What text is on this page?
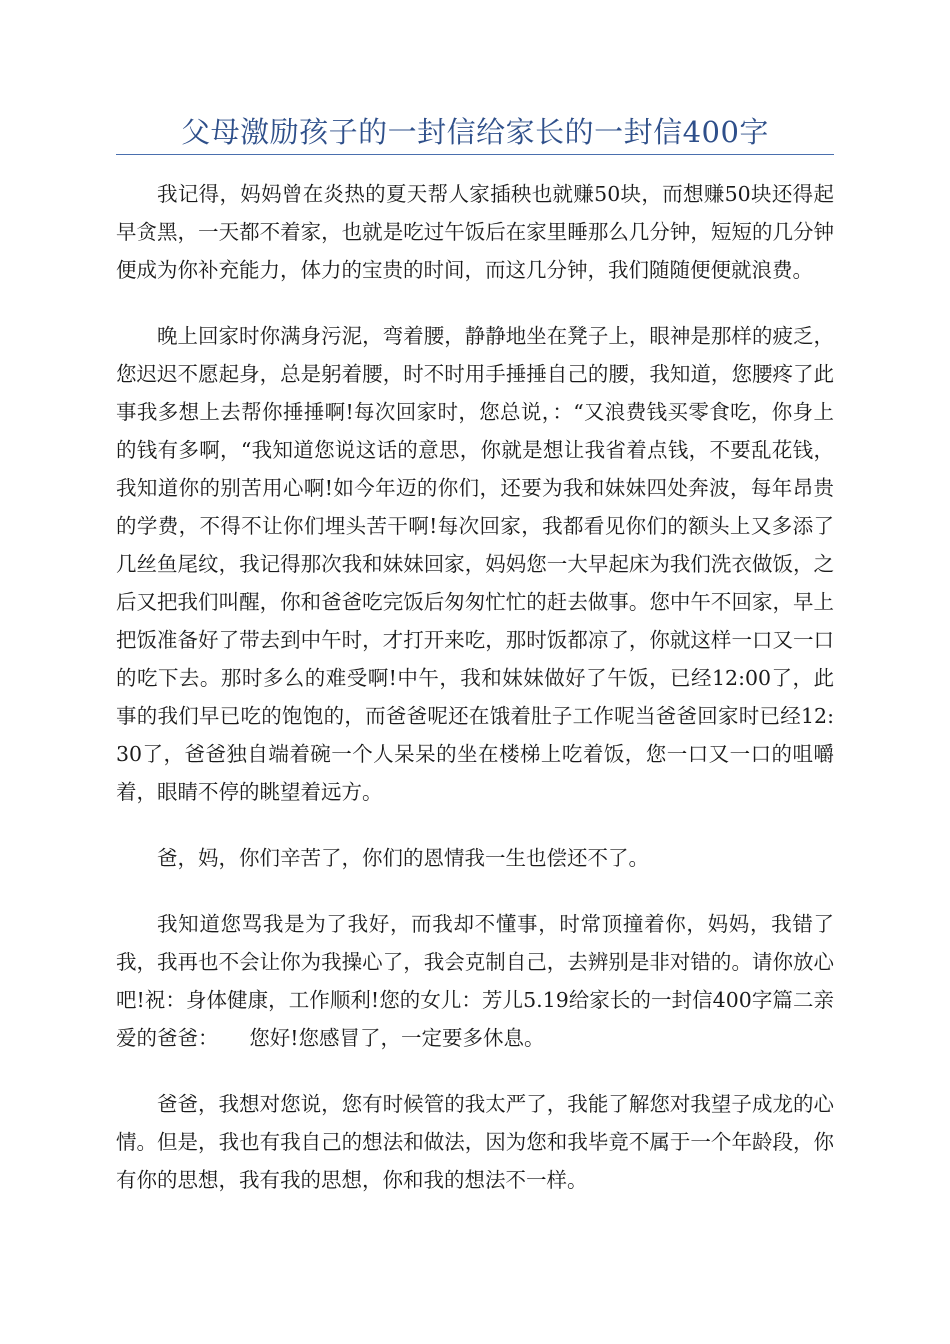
父母激励孩子的一封信给家长的一封信400字

我记得，妈妈曾在炎热的夏天帮人家插秧也就赚50块，而想赚50块还得起早贪黑，一天都不着家，也就是吃过午饭后在家里睡那么几分钟，短短的几分钟便成为你补充能力，体力的宝贵的时间，而这几分钟，我们随随便便就浪费。

晚上回家时你满身污泥，弯着腰，静静地坐在凳子上，眼神是那样的疲乏，您迟迟不愿起身，总是躬着腰，时不时用手捶捶自己的腰，我知道，您腰疼了此事我多想上去帮你捶捶啊!每次回家时，您总说，：“又浪费钱买零食吃，你身上的钱有多啊，“我知道您说这话的意思，你就是想让我省着点钱，不要乱花钱，我知道你的别苦用心啊!如今年迈的你们，还要为我和妹妹四处奔波，每年昂贵的学费，不得不让你们埋头苦干啊!每次回家，我都看见你们的额头上又多添了几丝鱼尾纹，我记得那次我和妹妹回家，妈妈您一大早起床为我们洗衣做饭，之后又把我们叫醒，你和爸爸吃完饭后匆匆忙忙的赶去做事。您中午不回家，早上把饭准备好了带去到中午时，才打开来吃，那时饭都凉了，你就这样一口又一口的吃下去。那时多么的难受啊!中午，我和妹妹做好了午饭，已经12:00了，此事的我们早已吃的饱饱的，而爸爸呢还在饿着肚子工作呢当爸爸回家时已经12:30了，爸爸独自端着碗一个人呆呆的坐在楼梯上吃着饭，您一口又一口的咀嚼着，眼睛不停的眺望着远方。

爸，妈，你们辛苦了，你们的恩情我一生也偿还不了。

我知道您骂我是为了我好，而我却不懂事，时常顶撞着你，妈妈，我错了我，我再也不会让你为我操心了，我会克制自己，去辨别是非对错的。请你放心吧!祝：身体健康，工作顺利!您的女儿：芳儿5.19给家长的一封信400字篇二亲爱的爸爸：　　您好!您感冒了，一定要多休息。

爸爸，我想对您说，您有时候管的我太严了，我能了解您对我望子成龙的心情。但是，我也有我自己的想法和做法，因为您和我毕竟不属于一个年龄段，你有你的思想，我有我的思想，你和我的想法不一样。
